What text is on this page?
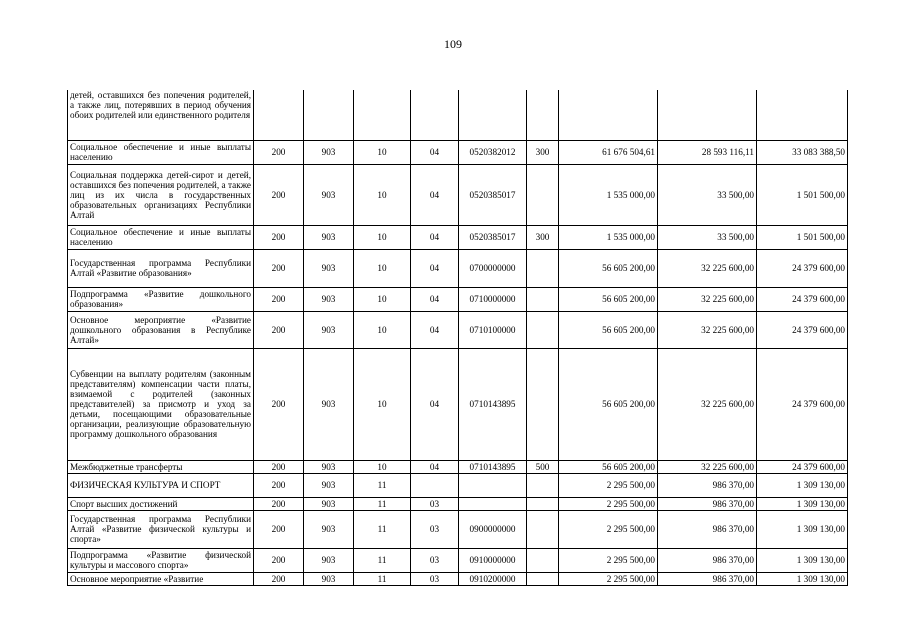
109
детей, оставшихся без попечения родителей, а также лиц, потерявших в период обучения обоих родителей или единственного родителя									
Социальное обеспечение и иные выплаты населению	200	903	10	04	0520382012	300	61 676 504,61	28 593 116,11	33 083 388,50
Социальная поддержка детей-сирот и детей, оставшихся без попечения родителей, а также лиц из их числа в государственных образовательных организациях Республики Алтай	200	903	10	04	0520385017		1 535 000,00	33 500,00	1 501 500,00
Социальное обеспечение и иные выплаты населению	200	903	10	04	0520385017	300	1 535 000,00	33 500,00	1 501 500,00
Государственная программа Республики Алтай «Развитие образования»	200	903	10	04	0700000000		56 605 200,00	32 225 600,00	24 379 600,00
Подпрограмма «Развитие дошкольного образования»	200	903	10	04	0710000000		56 605 200,00	32 225 600,00	24 379 600,00
Основное мероприятие «Развитие дошкольного образования в Республике Алтай»	200	903	10	04	0710100000		56 605 200,00	32 225 600,00	24 379 600,00
Субвенции на выплату родителям (законным представителям) компенсации части платы, взимаемой с родителей (законных представителей) за присмотр и уход за детьми, посещающими образовательные организации, реализующие образовательную программу дошкольного образования	200	903	10	04	0710143895		56 605 200,00	32 225 600,00	24 379 600,00
Межбюджетные трансферты	200	903	10	04	0710143895	500	56 605 200,00	32 225 600,00	24 379 600,00
ФИЗИЧЕСКАЯ КУЛЬТУРА И СПОРТ	200	903	11				2 295 500,00	986 370,00	1 309 130,00
Спорт высших достижений	200	903	11	03			2 295 500,00	986 370,00	1 309 130,00
Государственная программа Республики Алтай «Развитие физической культуры и спорта»	200	903	11	03	0900000000		2 295 500,00	986 370,00	1 309 130,00
Подпрограмма «Развитие физической культуры и массового спорта»	200	903	11	03	0910000000		2 295 500,00	986 370,00	1 309 130,00
Основное мероприятие «Развитие	200	903	11	03	0910200000		2 295 500,00	986 370,00	1 309 130,00
